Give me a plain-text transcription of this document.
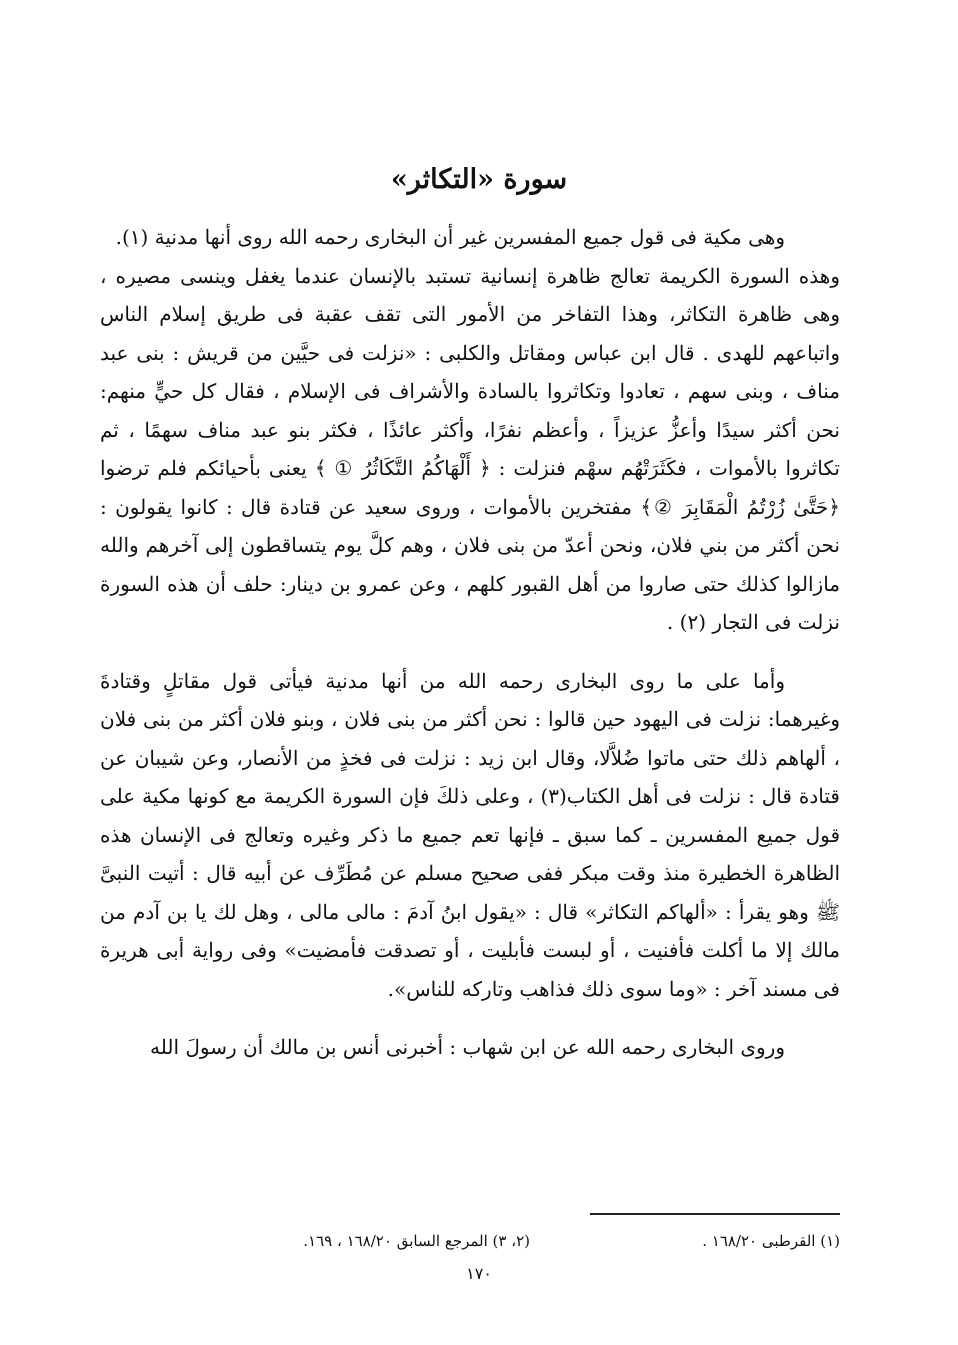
سورة «التكاثر»

وهى مكية فى قول جميع المفسرين غير أن البخارى رحمه الله روى أنها مدنية (١).

وهذه السورة الكريمة تعالج ظاهرة إنسانية تستبد بالإنسان عندما يغفل وينسى مصيره ، وهى ظاهرة التكاثر، وهذا التفاخر من الأمور التى تقف عقبة فى طريق إسلام الناس واتباعهم للهدى . قال ابن عباس ومقاتل والكلبى : «نزلت فى حيَّين من قريش : بنى عبد مناف ، وبنى سهم ، تعادوا وتكاثروا بالسادة والأشراف فى الإسلام ، فقال كل حيٍّ منهم: نحن أكثر سيدًا وأعزُّ عزيزاً ، وأعظم نفرًا، وأكثر عائذًا ، فكثر بنو عبد مناف سهمًا ، ثم تكاثروا بالأموات ، فكَثَرَتْهُم سهْم فنزلت : ﴿ أَلْهَاكُمُ التَّكَاثُرُ ① ﴾ يعنى بأحيائكم فلم ترضوا ﴿حَتَّىٰ زُرْتُمُ الْمَقَابِرَ ②﴾ مفتخرين بالأموات ، وروى سعيد عن قتادة قال : كانوا يقولون : نحن أكثر من بني فلان، ونحن أعدّ من بنى فلان ، وهم كلَّ يوم يتساقطون إلى آخرهم والله مازالوا كذلك حتى صاروا من أهل القبور كلهم ، وعن عمرو بن دينار: حلف أن هذه السورة نزلت فى التجار (٢) .

وأما على ما روى البخارى رحمه الله من أنها مدنية فيأتى قول مقاتلٍ وقتادةَ وغيرهما: نزلت فى اليهود حين قالوا : نحن أكثر من بنى فلان ، وبنو فلان أكثر من بنى فلان ، ألهاهم ذلك حتى ماتوا ضُلاَّلا، وقال ابن زيد : نزلت فى فخذٍ من الأنصار، وعن شيبان عن قتادة قال : نزلت فى أهل الكتاب(٣) ، وعلى ذلكَ فإن السورة الكريمة مع كونها مكية على قول جميع المفسرين ـ كما سبق ـ فإنها تعم جميع ما ذكر وغيره وتعالج فى الإنسان هذه الظاهرة الخطيرة منذ وقت مبكر ففى صحيح مسلم عن مُطَرِّف عن أبيه قال : أتيت النبىَّ ﷺ وهو يقرأ : «ألهاكم التكاثر» قال : «يقول ابنُ آدمَ : مالى مالى ، وهل لك يا بن آدم من مالك إلا ما أكلت فأفنيت ، أو لبست فأبليت ، أو تصدقت فأمضيت» وفى رواية أبى هريرة فى مسند آخر : «وما سوى ذلك فذاهب وتاركه للناس».

وروى البخارى رحمه الله عن ابن شهاب : أخبرنى أنس بن مالك أن رسولَ الله

(١) القرطبى ١٦٨/٢٠ .
(٢، ٣) المرجع السابق ١٦٨/٢٠ ، ١٦٩.
١٧٠
